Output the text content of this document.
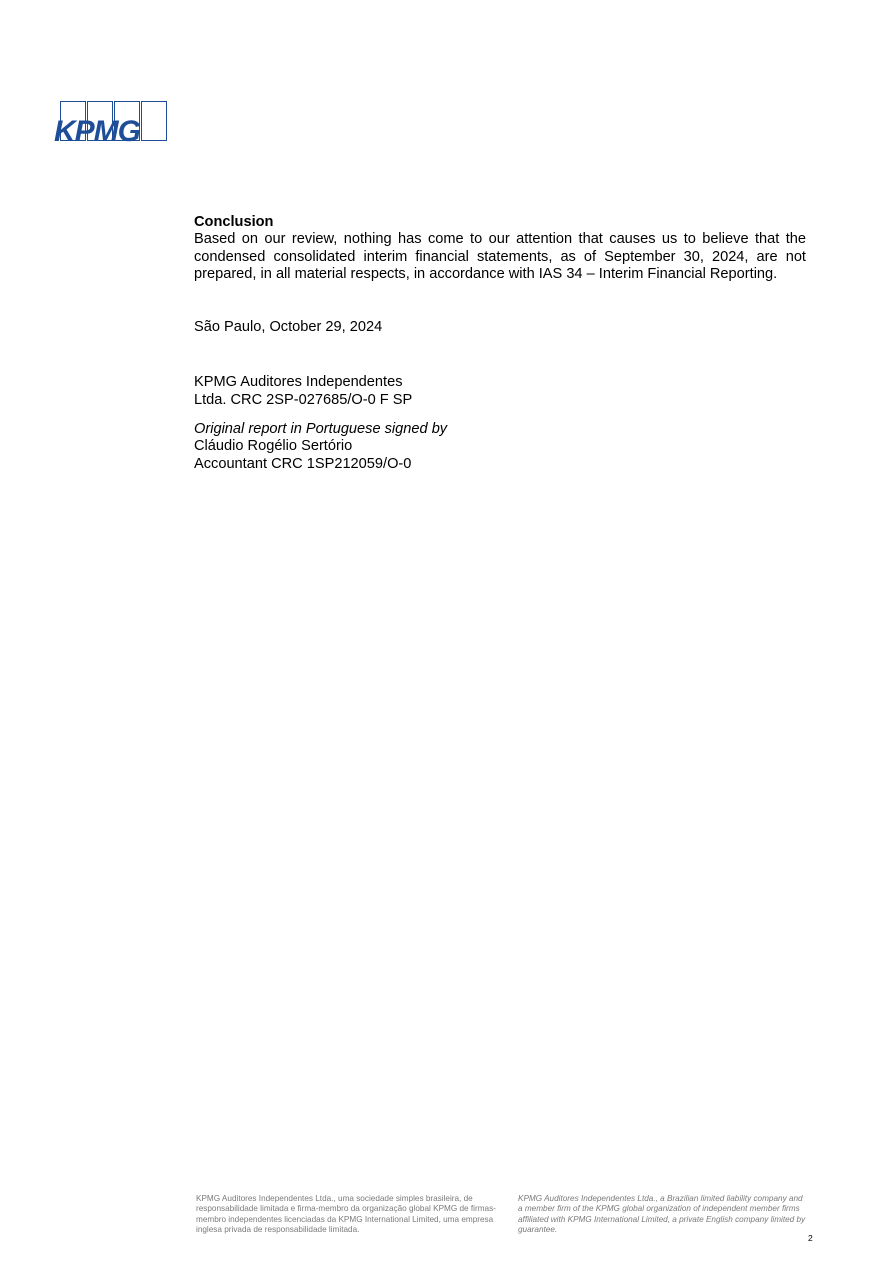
KPMG
Conclusion
Based on our review, nothing has come to our attention that causes us to believe that the condensed consolidated interim financial statements, as of September 30, 2024, are not prepared, in all material respects, in accordance with IAS 34 – Interim Financial Reporting.
São Paulo, October 29, 2024
KPMG Auditores Independentes
Ltda. CRC 2SP-027685/O-0 F SP
Original report in Portuguese signed by
Cláudio Rogélio Sertório
Accountant CRC 1SP212059/O-0
KPMG Auditores Independentes Ltda., uma sociedade simples brasileira, de responsabilidade limitada e firma-membro da organização global KPMG de firmas-membro independentes licenciadas da KPMG International Limited, uma empresa inglesa privada de responsabilidade limitada.
KPMG Auditores Independentes Ltda., a Brazilian limited liability company and a member firm of the KPMG global organization of independent member firms affiliated with KPMG International Limited, a private English company limited by guarantee.
2
